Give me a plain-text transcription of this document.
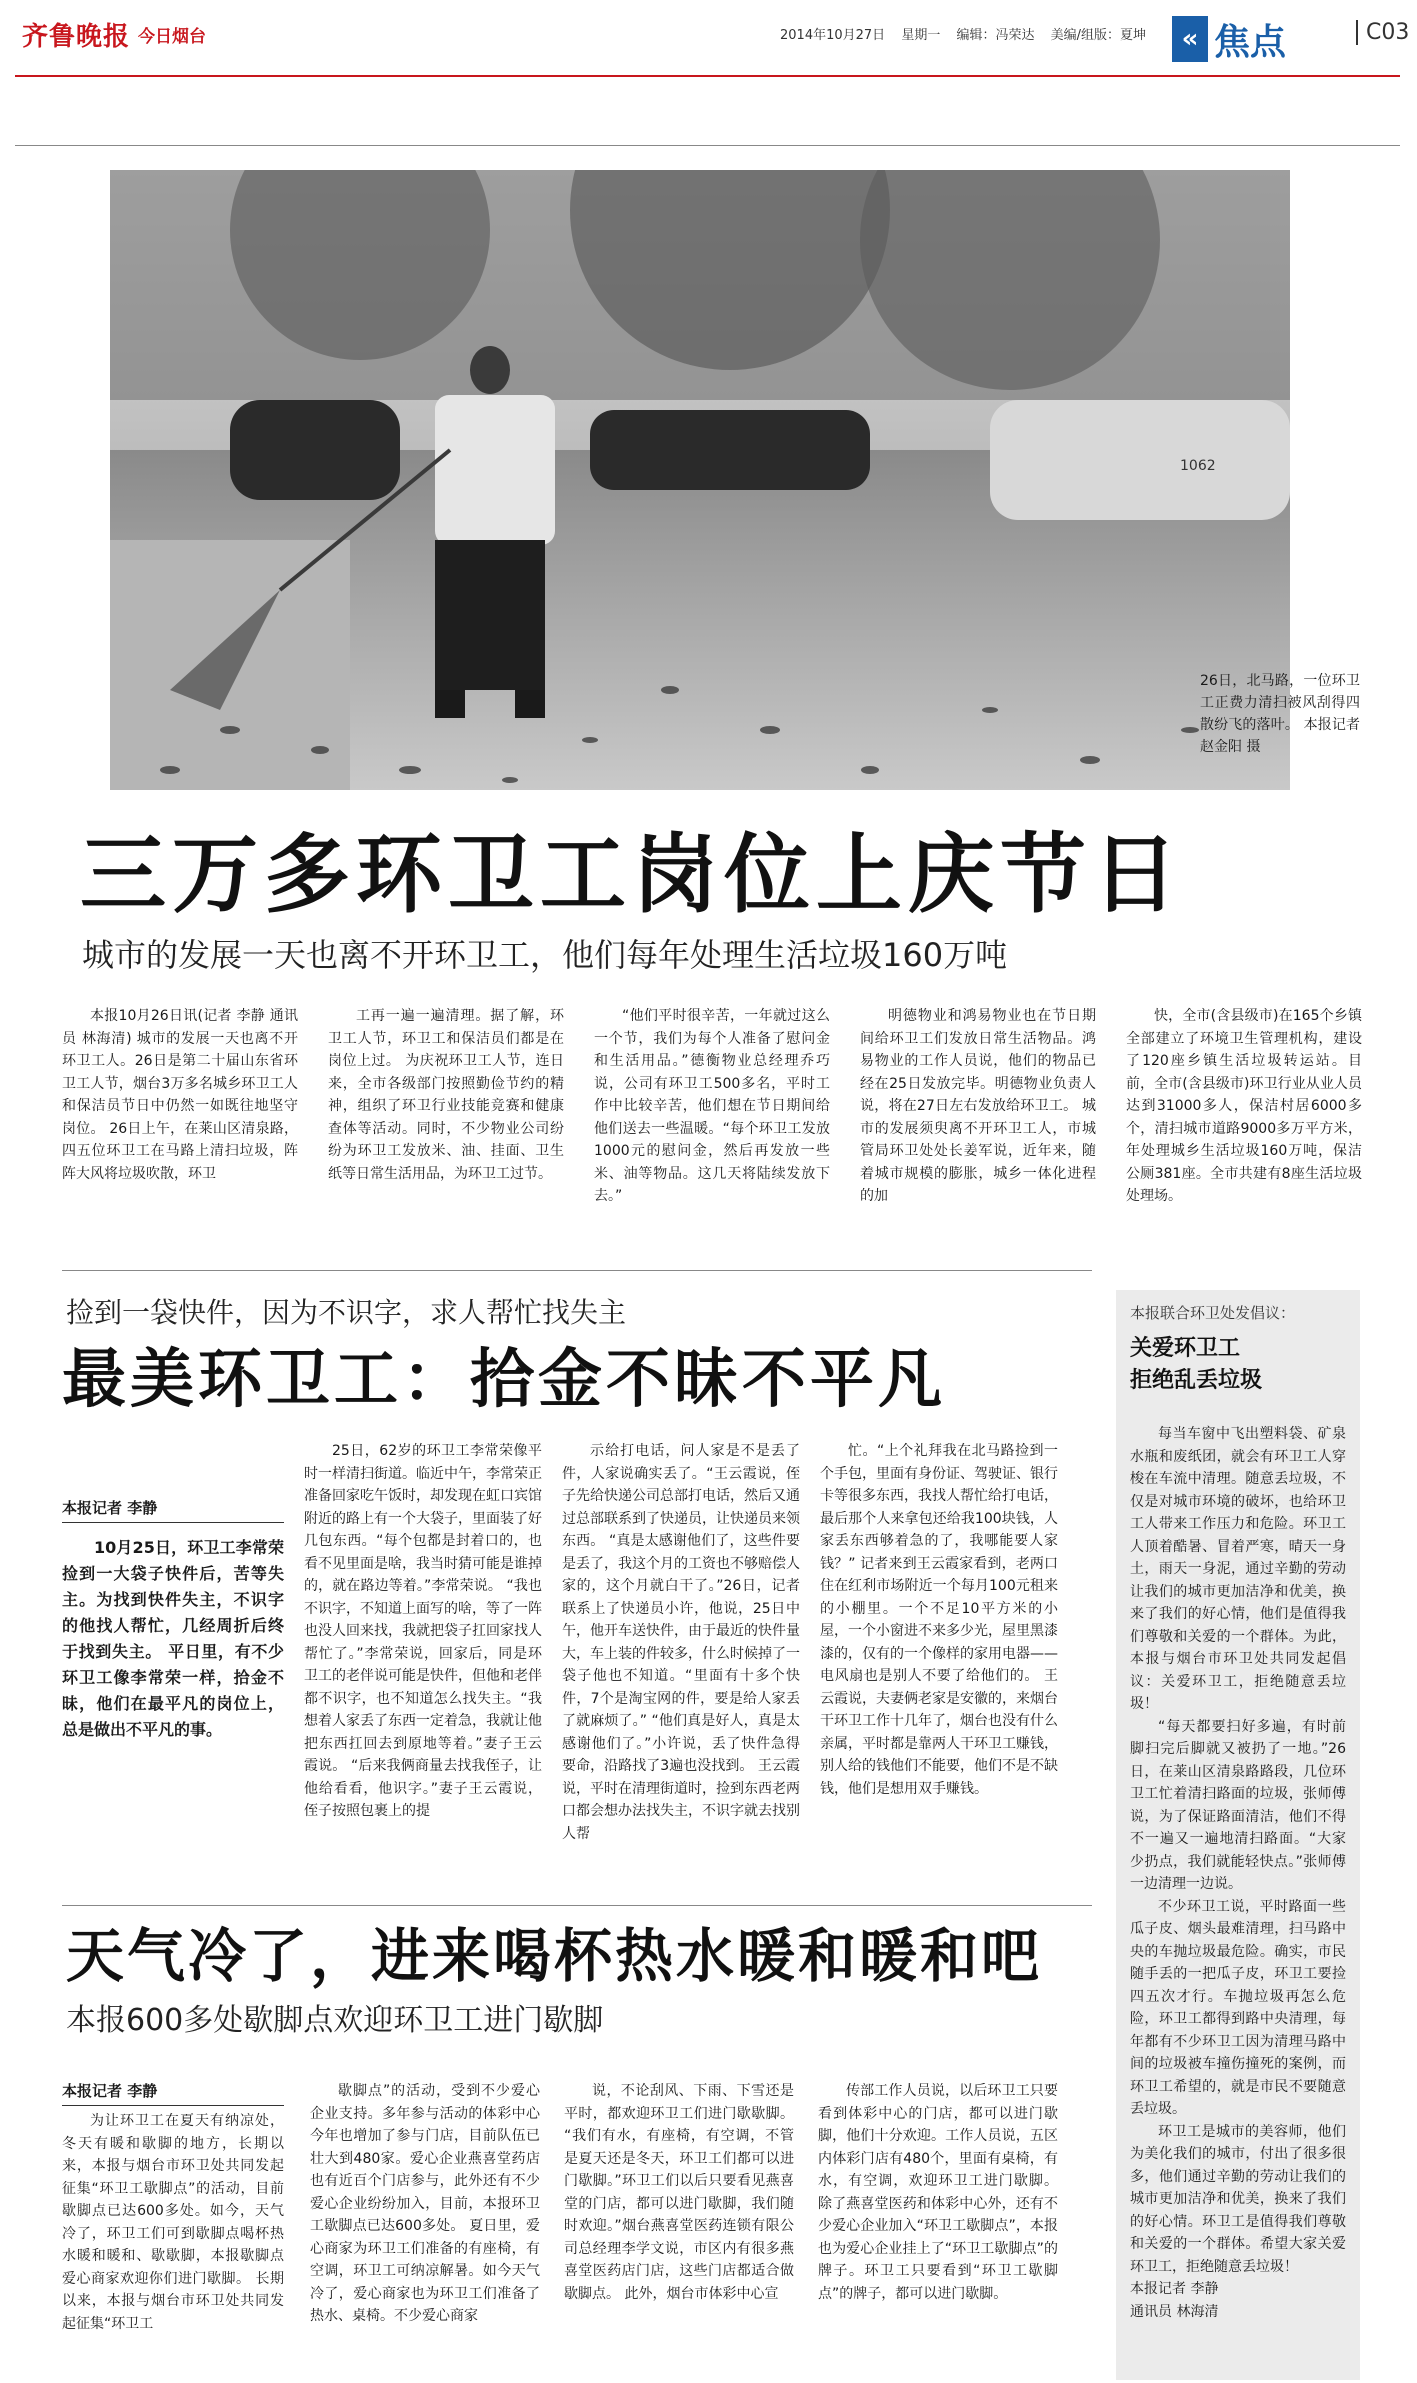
齐鲁晚报 今日烟台	2014年10月27日 星期一 编辑：冯荣达 美编/组版：夏坤	« 焦点	C03
1062
26日，北马路，一位环卫工正费力清扫被风刮得四散纷飞的落叶。 本报记者 赵金阳 摄
三万多环卫工岗位上庆节日
城市的发展一天也离不开环卫工，他们每年处理生活垃圾160万吨
本报10月26日讯(记者 李静 通讯员 林海清) 城市的发展一天也离不开环卫工人。26日是第二十届山东省环卫工人节，烟台3万多名城乡环卫工人和保洁员节日中仍然一如既往地坚守岗位。 26日上午，在莱山区清泉路，四五位环卫工在马路上清扫垃圾，阵阵大风将垃圾吹散，环卫
工再一遍一遍清理。据了解，环卫工人节，环卫工和保洁员们都是在岗位上过。 为庆祝环卫工人节，连日来，全市各级部门按照勤俭节约的精神，组织了环卫行业技能竞赛和健康查体等活动。同时，不少物业公司纷纷为环卫工发放米、油、挂面、卫生纸等日常生活用品，为环卫工过节。
“他们平时很辛苦，一年就过这么一个节，我们为每个人准备了慰问金和生活用品。”德衡物业总经理乔巧说，公司有环卫工500多名，平时工作中比较辛苦，他们想在节日期间给他们送去一些温暖。“每个环卫工发放1000元的慰问金，然后再发放一些米、油等物品。这几天将陆续发放下去。”
明德物业和鸿易物业也在节日期间给环卫工们发放日常生活物品。鸿易物业的工作人员说，他们的物品已经在25日发放完毕。明德物业负责人说，将在27日左右发放给环卫工。 城市的发展须臾离不开环卫工人，市城管局环卫处处长姜军说，近年来，随着城市规模的膨胀，城乡一体化进程的加
快，全市(含县级市)在165个乡镇全部建立了环境卫生管理机构，建设了120座乡镇生活垃圾转运站。目前，全市(含县级市)环卫行业从业人员达到31000多人，保洁村居6000多个，清扫城市道路9000多万平方米，年处理城乡生活垃圾160万吨，保洁公厕381座。全市共建有8座生活垃圾处理场。
捡到一袋快件，因为不识字，求人帮忙找失主
最美环卫工：拾金不昧不平凡
本报记者 李静
10月25日，环卫工李常荣捡到一大袋子快件后，苦等失主。为找到快件失主，不识字的他找人帮忙，几经周折后终于找到失主。 平日里，有不少环卫工像李常荣一样，拾金不昧，他们在最平凡的岗位上，总是做出不平凡的事。
25日，62岁的环卫工李常荣像平时一样清扫街道。临近中午，李常荣正准备回家吃午饭时，却发现在虹口宾馆附近的路上有一个大袋子，里面装了好几包东西。“每个包都是封着口的，也看不见里面是啥，我当时猜可能是谁掉的，就在路边等着。”李常荣说。 “我也不识字，不知道上面写的啥，等了一阵也没人回来找，我就把袋子扛回家找人帮忙了。”李常荣说，回家后，同是环卫工的老伴说可能是快件，但他和老伴都不识字，也不知道怎么找失主。“我想着人家丢了东西一定着急，我就让他把东西扛回去到原地等着。”妻子王云霞说。 “后来我俩商量去找我侄子，让他给看看，他识字。”妻子王云霞说，侄子按照包裹上的提
示给打电话，问人家是不是丢了件，人家说确实丢了。“王云霞说，侄子先给快递公司总部打电话，然后又通过总部联系到了快递员，让快递员来领东西。 “真是太感谢他们了，这些件要是丢了，我这个月的工资也不够赔偿人家的，这个月就白干了。”26日，记者联系上了快递员小许，他说，25日中午，他开车送快件，由于最近的快件量大，车上装的件较多，什么时候掉了一袋子他也不知道。“里面有十多个快件，7个是淘宝网的件，要是给人家丢了就麻烦了。” “他们真是好人，真是太感谢他们了。”小许说，丢了快件急得要命，沿路找了3遍也没找到。 王云霞说，平时在清理街道时，捡到东西老两口都会想办法找失主，不识字就去找别人帮
忙。“上个礼拜我在北马路捡到一个手包，里面有身份证、驾驶证、银行卡等很多东西，我找人帮忙给打电话，最后那个人来拿包还给我100块钱，人家丢东西够着急的了，我哪能要人家钱？” 记者来到王云霞家看到，老两口住在红利市场附近一个每月100元租来的小棚里。一个不足10平方米的小屋，一个小窗进不来多少光，屋里黑漆漆的，仅有的一个像样的家用电器——电风扇也是别人不要了给他们的。 王云霞说，夫妻俩老家是安徽的，来烟台干环卫工作十几年了，烟台也没有什么亲属，平时都是靠两人干环卫工赚钱，别人给的钱他们不能要，他们不是不缺钱，他们是想用双手赚钱。
本报联合环卫处发倡议：
关爱环卫工
拒绝乱丢垃圾

每当车窗中飞出塑料袋、矿泉水瓶和废纸团，就会有环卫工人穿梭在车流中清理。随意丢垃圾，不仅是对城市环境的破坏，也给环卫工人带来工作压力和危险。环卫工人顶着酷暑、冒着严寒，晴天一身土，雨天一身泥，通过辛勤的劳动让我们的城市更加洁净和优美，换来了我们的好心情，他们是值得我们尊敬和关爱的一个群体。为此，本报与烟台市环卫处共同发起倡议：关爱环卫工，拒绝随意丢垃圾！

“每天都要扫好多遍，有时前脚扫完后脚就又被扔了一地。”26日，在莱山区清泉路路段，几位环卫工忙着清扫路面的垃圾，张师傅说，为了保证路面清洁，他们不得不一遍又一遍地清扫路面。“大家少扔点，我们就能轻快点。”张师傅一边清理一边说。

不少环卫工说，平时路面一些瓜子皮、烟头最难清理，扫马路中央的车抛垃圾最危险。确实，市民随手丢的一把瓜子皮，环卫工要捡四五次才行。车抛垃圾再怎么危险，环卫工都得到路中央清理，每年都有不少环卫工因为清理马路中间的垃圾被车撞伤撞死的案例，而环卫工希望的，就是市民不要随意丢垃圾。

环卫工是城市的美容师，他们为美化我们的城市，付出了很多很多，他们通过辛勤的劳动让我们的城市更加洁净和优美，换来了我们的好心情。环卫工是值得我们尊敬和关爱的一个群体。希望大家关爱环卫工，拒绝随意丢垃圾！

本报记者 李静
通讯员 林海清
天气冷了，进来喝杯热水暖和暖和吧
本报600多处歇脚点欢迎环卫工进门歇脚
本报记者 李静
为让环卫工在夏天有纳凉处，冬天有暖和歇脚的地方，长期以来，本报与烟台市环卫处共同发起征集“环卫工歇脚点”的活动，目前歇脚点已达600多处。如今，天气冷了，环卫工们可到歇脚点喝杯热水暖和暖和、歇歇脚，本报歇脚点爱心商家欢迎你们进门歇脚。 长期以来，本报与烟台市环卫处共同发起征集“环卫工
歇脚点”的活动，受到不少爱心企业支持。多年参与活动的体彩中心今年也增加了参与门店，目前队伍已壮大到480家。爱心企业燕喜堂药店也有近百个门店参与，此外还有不少爱心企业纷纷加入，目前，本报环卫工歇脚点已达600多处。 夏日里，爱心商家为环卫工们准备的有座椅，有空调，环卫工可纳凉解暑。如今天气冷了，爱心商家也为环卫工们准备了热水、桌椅。不少爱心商家
说，不论刮风、下雨、下雪还是平时，都欢迎环卫工们进门歇歇脚。 “我们有水，有座椅，有空调，不管是夏天还是冬天，环卫工们都可以进门歇脚。”环卫工们以后只要看见燕喜堂的门店，都可以进门歇脚，我们随时欢迎。”烟台燕喜堂医药连锁有限公司总经理李学文说，市区内有很多燕喜堂医药店门店，这些门店都适合做歇脚点。 此外，烟台市体彩中心宣
传部工作人员说，以后环卫工只要看到体彩中心的门店，都可以进门歇脚，他们十分欢迎。工作人员说，五区内体彩门店有480个，里面有桌椅，有水，有空调，欢迎环卫工进门歇脚。 除了燕喜堂医药和体彩中心外，还有不少爱心企业加入“环卫工歇脚点”，本报也为爱心企业挂上了“环卫工歇脚点”的牌子。环卫工只要看到“环卫工歇脚点”的牌子，都可以进门歇脚。
